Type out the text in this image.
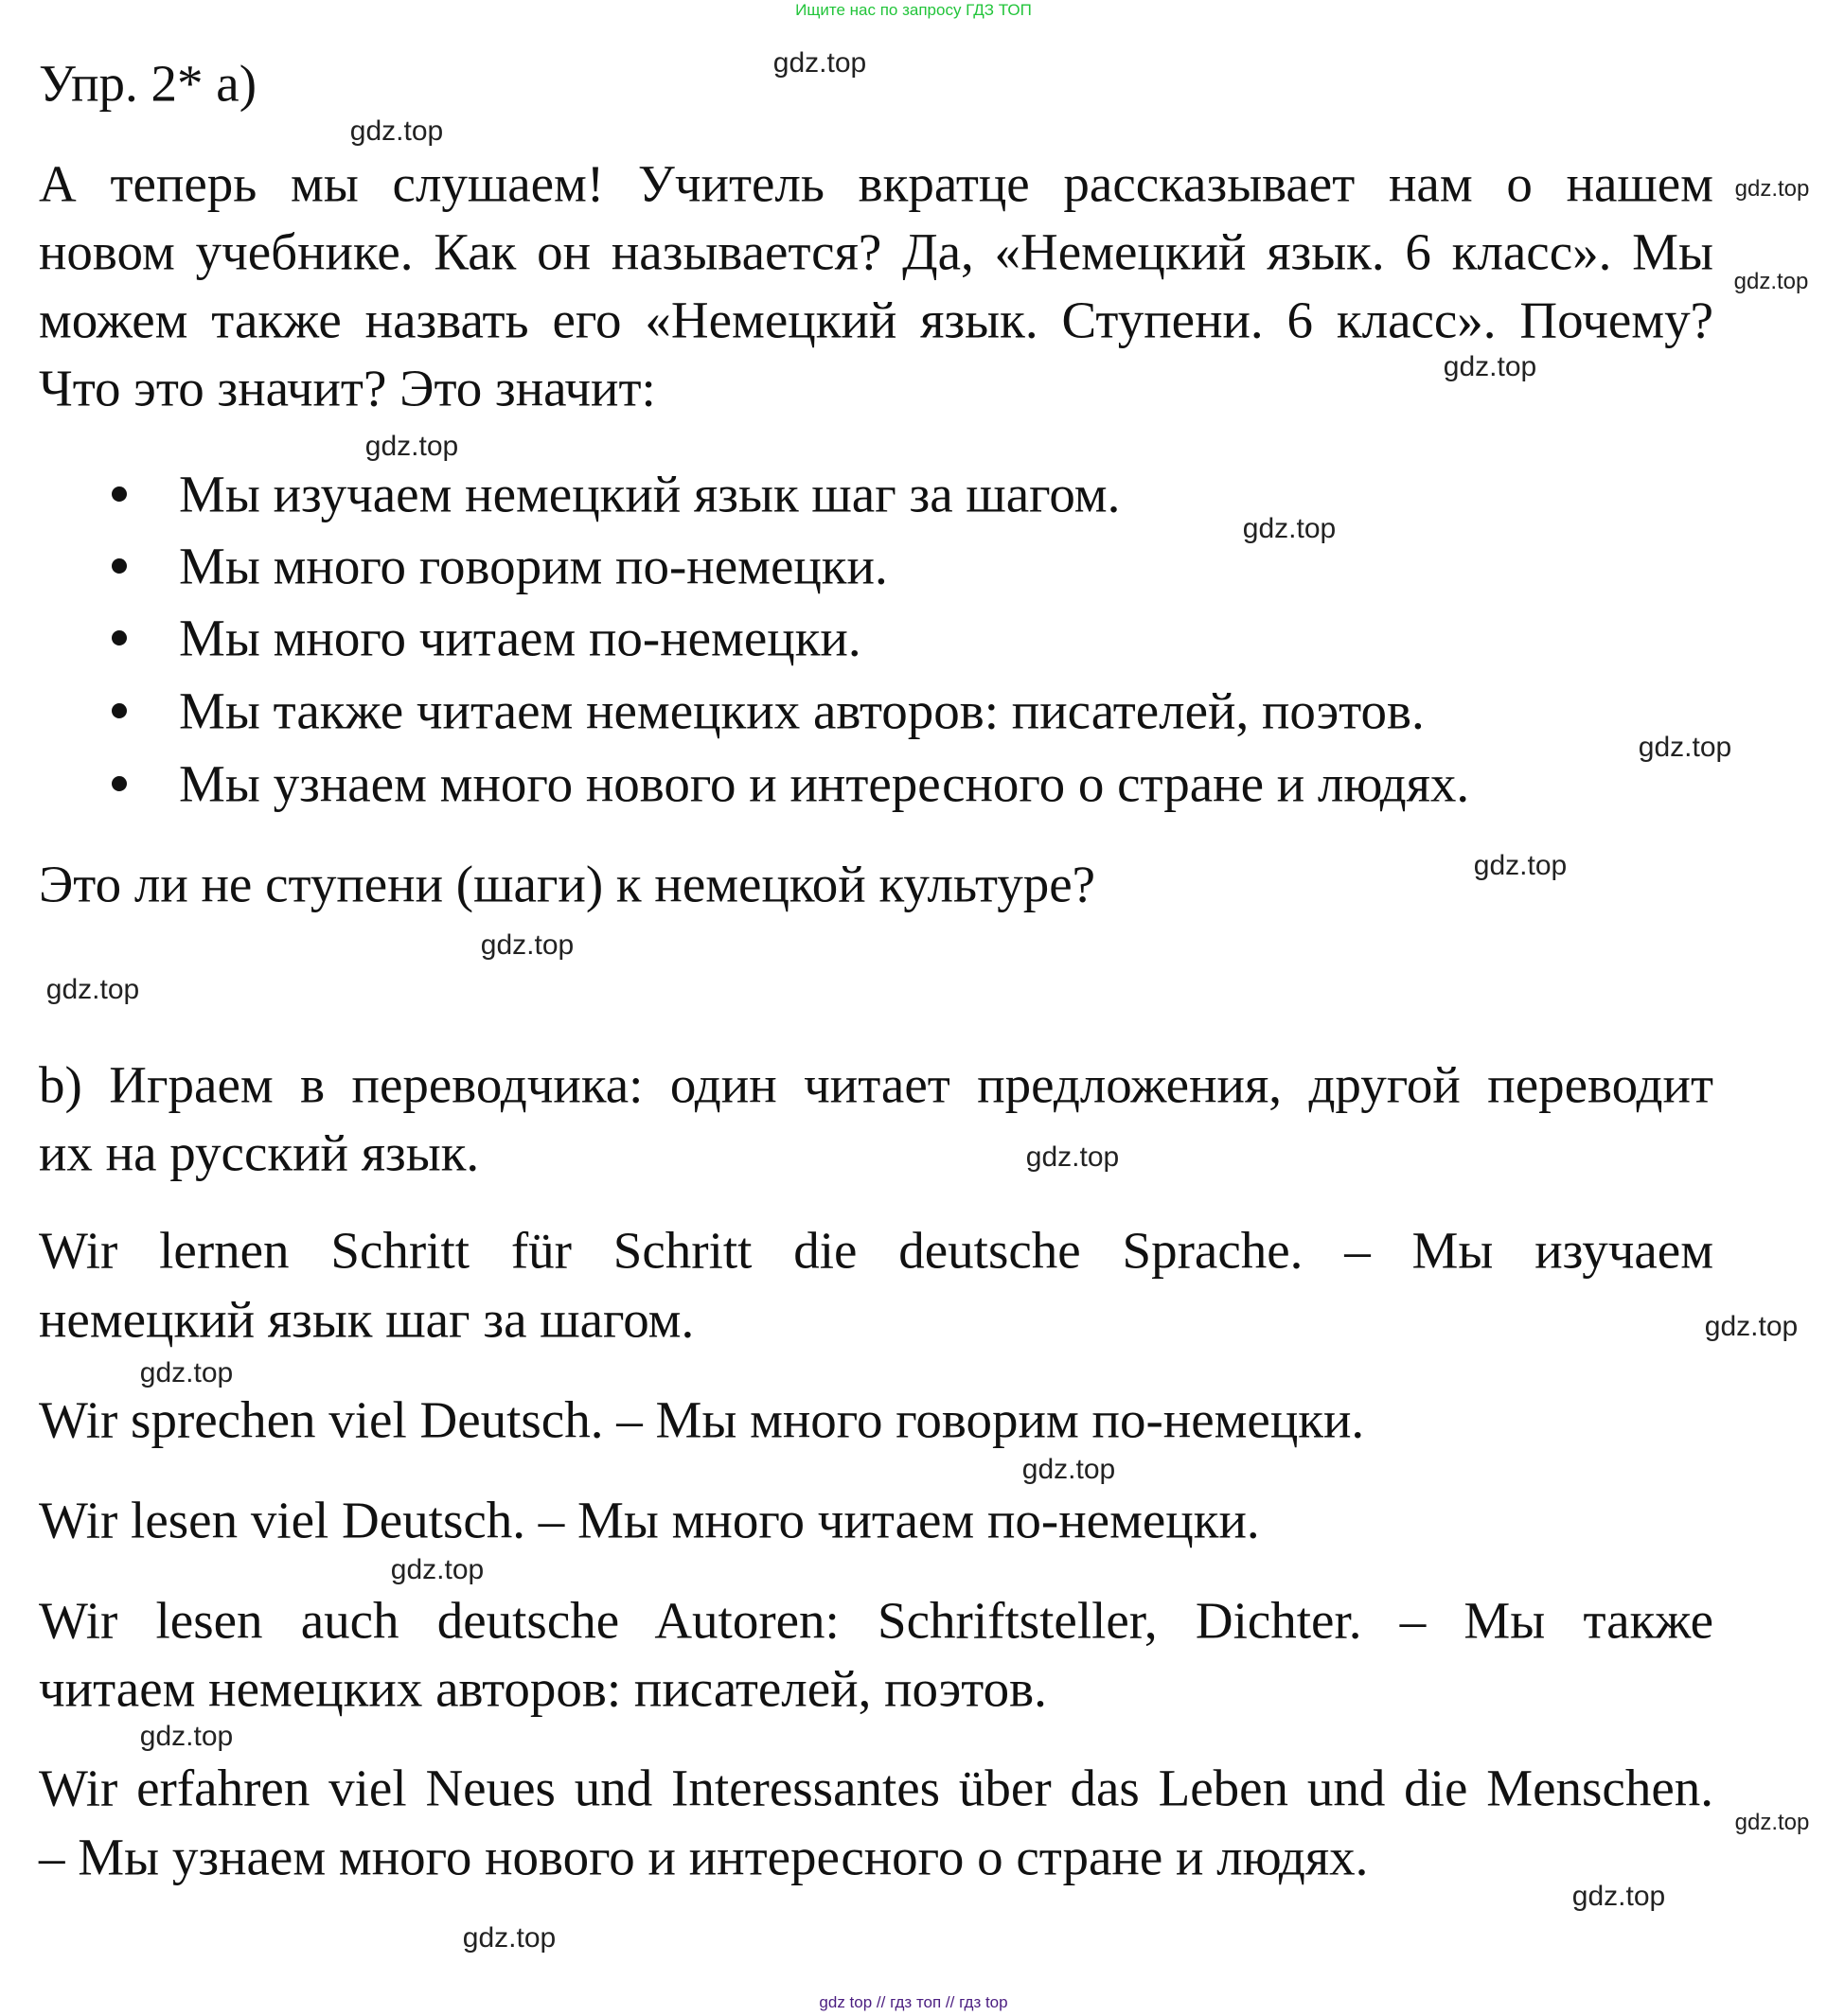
Ищите нас по запросу ГДЗ ТОП
Упр. 2* а)
А теперь мы слушаем! Учитель вкратце рассказывает нам о нашем
новом учебнике. Как он называется? Да, «Немецкий язык. 6 класс». Мы
можем также назвать его «Немецкий язык. Ступени. 6 класс». Почему?
Что это значит? Это значит:
Мы изучаем немецкий язык шаг за шагом.
Мы много говорим по-немецки.
Мы много читаем по-немецки.
Мы также читаем немецких авторов: писателей, поэтов.
Мы узнаем много нового и интересного о стране и людях.
Это ли не ступени (шаги) к немецкой культуре?
b) Играем в переводчика: один читает предложения, другой переводит
их на русский язык.
Wir lernen Schritt für Schritt die deutsche Sprache. – Мы изучаем
немецкий язык шаг за шагом.
Wir sprechen viel Deutsch. – Мы много говорим по-немецки.
Wir lesen viel Deutsch. – Мы много читаем по-немецки.
Wir lesen auch deutsche Autoren: Schriftsteller, Dichter. – Мы также
читаем немецких авторов: писателей, поэтов.
Wir erfahren viel Neues und Interessantes über das Leben und die Menschen.
– Мы узнаем много нового и интересного о стране и людях.
gdz.top
gdz.top
gdz.top
gdz.top
gdz.top
gdz.top
gdz.top
gdz.top
gdz.top
gdz.top
gdz.top
gdz.top
gdz.top
gdz.top
gdz.top
gdz.top
gdz.top
gdz.top
gdz.top
gdz.top
gdz top // гдз топ // гдз top
